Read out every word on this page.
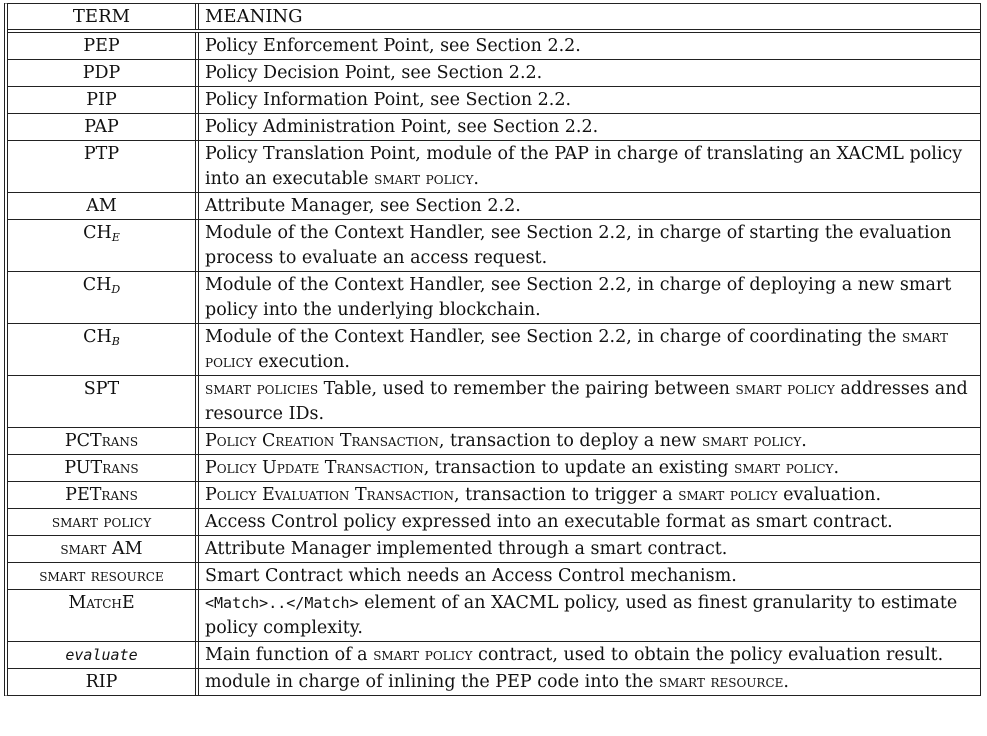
TERM	MEANING
PEP	Policy Enforcement Point, see Section 2.2.
PDP	Policy Decision Point, see Section 2.2.
PIP	Policy Information Point, see Section 2.2.
PAP	Policy Administration Point, see Section 2.2.
PTP	Policy Translation Point, module of the PAP in charge of translating an XACML policy into an executable smart policy.
AM	Attribute Manager, see Section 2.2.
$CH_E$	Module of the Context Handler, see Section 2.2, in charge of starting the evaluation process to evaluate an access request.
$CH_D$	Module of the Context Handler, see Section 2.2, in charge of deploying a new smart policy into the underlying blockchain.
$CH_B$	Module of the Context Handler, see Section 2.2, in charge of coordinating the smart policy execution.
SPT	smart policies Table, used to remember the pairing between smart policy addresses and resource IDs.
PCTrans	Policy Creation Transaction, transaction to deploy a new smart policy.
PUTrans	Policy Update Transaction, transaction to update an existing smart policy.
PETrans	Policy Evaluation Transaction, transaction to trigger a smart policy evaluation.
smart policy	Access Control policy expressed into an executable format as smart contract.
smart AM	Attribute Manager implemented through a smart contract.
smart resource	Smart Contract which needs an Access Control mechanism.
MatchE	<Match>..</Match> element of an XACML policy, used as finest granularity to estimate policy complexity.
evaluate	Main function of a smart policy contract, used to obtain the policy evaluation result.
RIP	module in charge of inlining the PEP code into the smart resource.
